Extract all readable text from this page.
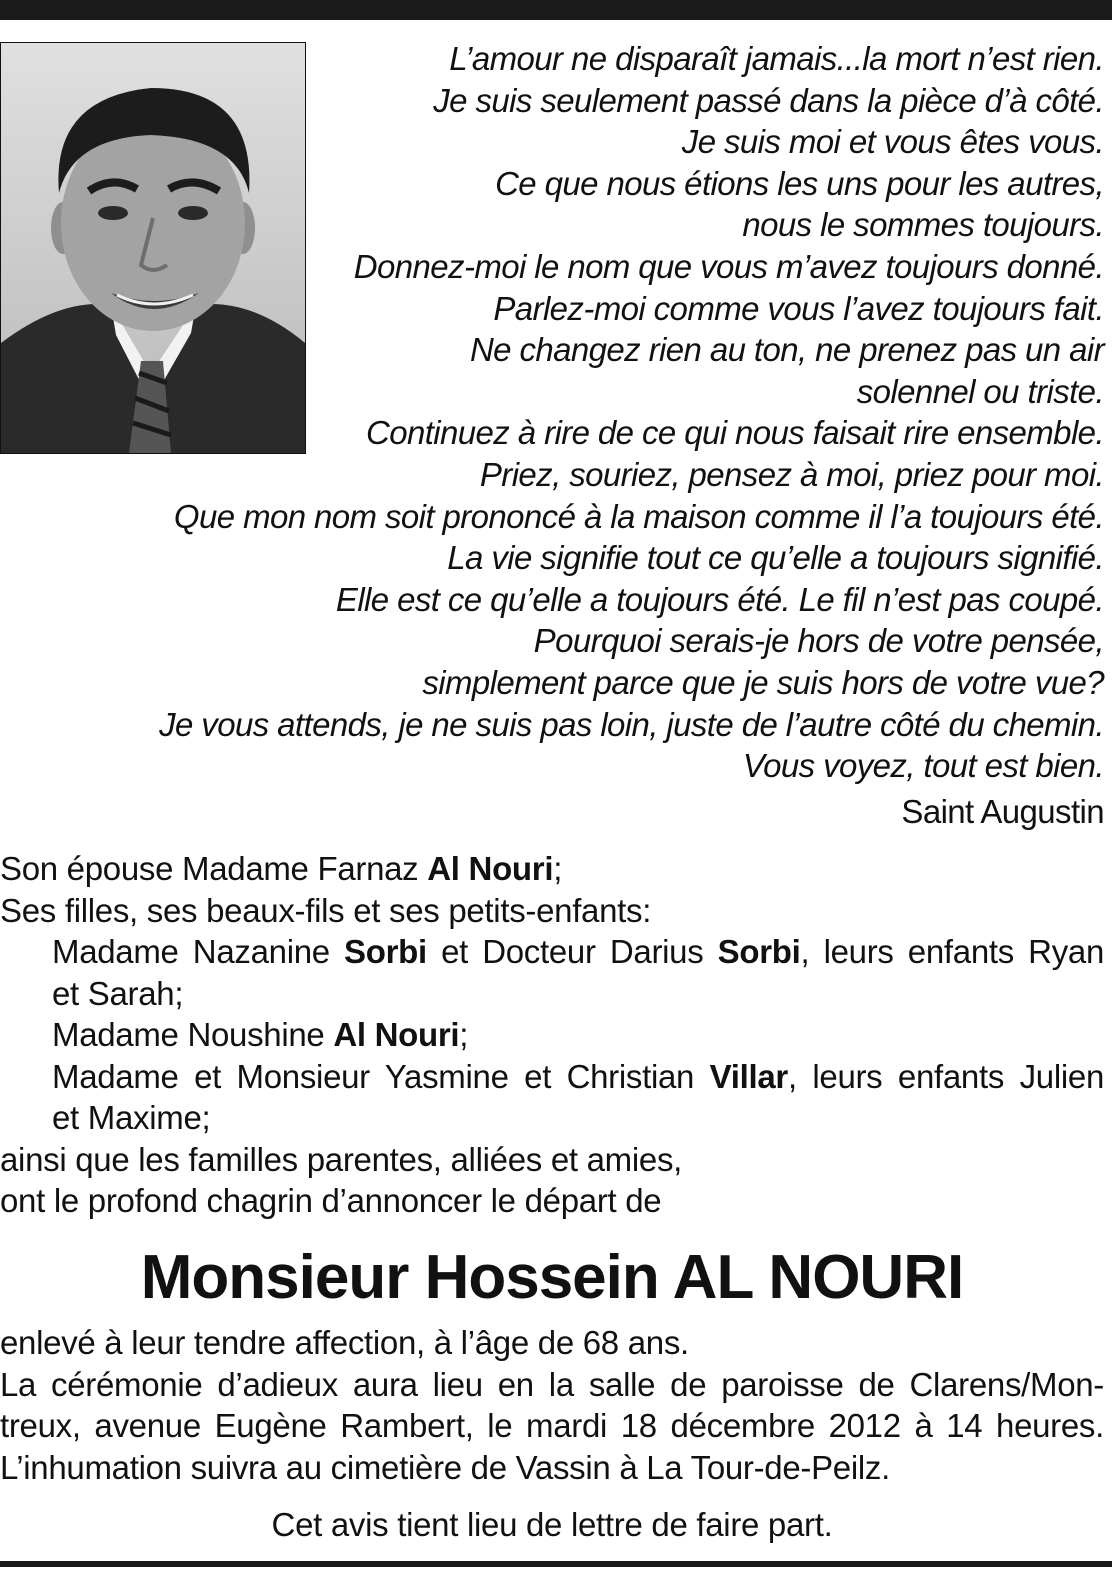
L’amour ne disparaît jamais...la mort n’est rien.
Je suis seulement passé dans la pièce d’à côté.
Je suis moi et vous êtes vous.
Ce que nous étions les uns pour les autres,
nous le sommes toujours.
Donnez-moi le nom que vous m’avez toujours donné.
Parlez-moi comme vous l’avez toujours fait.
Ne changez rien au ton, ne prenez pas un air
solennel ou triste.
Continuez à rire de ce qui nous faisait rire ensemble.
Priez, souriez, pensez à moi, priez pour moi.
Que mon nom soit prononcé à la maison comme il l’a toujours été.
La vie signifie tout ce qu’elle a toujours signifié.
Elle est ce qu’elle a toujours été. Le fil n’est pas coupé.
Pourquoi serais-je hors de votre pensée,
simplement parce que je suis hors de votre vue?
Je vous attends, je ne suis pas loin, juste de l’autre côté du chemin.
Vous voyez, tout est bien.
Saint Augustin
Son épouse Madame Farnaz Al Nouri;
Ses filles, ses beaux-fils et ses petits-enfants:
Madame Nazanine Sorbi et Docteur Darius Sorbi, leurs enfants Ryan
et Sarah;
Madame Noushine Al Nouri;
Madame et Monsieur Yasmine et Christian Villar, leurs enfants Julien
et Maxime;
ainsi que les familles parentes, alliées et amies,
ont le profond chagrin d’annoncer le départ de
Monsieur Hossein AL NOURI
enlevé à leur tendre affection, à l’âge de 68 ans.
La cérémonie d’adieux aura lieu en la salle de paroisse de Clarens/Mon-
treux, avenue Eugène Rambert, le mardi 18 décembre 2012 à 14 heures.
L’inhumation suivra au cimetière de Vassin à La Tour-de-Peilz.
Cet avis tient lieu de lettre de faire part.
